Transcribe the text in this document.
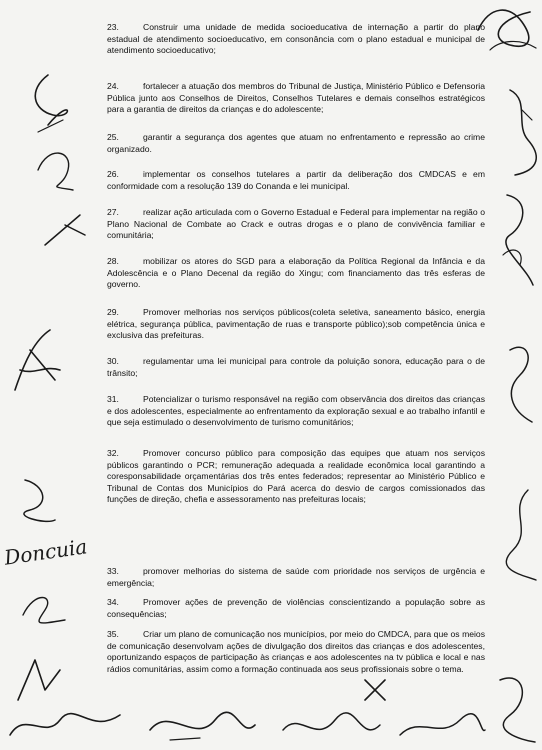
23.	Construir uma unidade de medida socioeducativa de internação a partir do plano estadual de atendimento socioeducativo, em consonância com o plano estadual e municipal de atendimento socioeducativo;
24.	fortalecer a atuação dos membros do Tribunal de Justiça, Ministério Público e Defensoria Pública junto aos Conselhos de Direitos, Conselhos Tutelares e demais conselhos estratégicos para a garantia de direitos da crianças e do adolescente;
25.	garantir a segurança dos agentes que atuam no enfrentamento e repressão ao crime organizado.
26.	implementar os conselhos tutelares a partir da deliberação dos CMDCAS e em conformidade com a resolução 139 do Conanda e lei municipal.
27.	realizar ação articulada com o Governo Estadual e Federal para implementar na região o Plano Nacional de Combate ao Crack e outras drogas e o plano de convivência familiar e comunitária;
28.	mobilizar os atores do SGD para a elaboração da Política Regional da Infância e da Adolescência e o Plano Decenal da região do Xingu; com financiamento das três esferas de governo.
29.	Promover melhorias nos serviços públicos(coleta seletiva, saneamento básico, energia elétrica, segurança pública, pavimentação de ruas e transporte público);sob competência única e exclusiva das prefeituras.
30.	regulamentar uma lei municipal para controle da poluição sonora, educação para o de trânsito;
31.	Potencializar o turismo responsável na região com observância dos direitos das crianças e dos adolescentes, especialmente ao enfrentamento da exploração sexual e ao trabalho infantil e que seja estimulado o desenvolvimento de turismo comunitários;
32.	Promover concurso público para composição das equipes que atuam nos serviços públicos garantindo o PCR; remuneração adequada a realidade econômica local garantindo a coresponsabilidade orçamentárias dos três entes federados; representar ao Ministério Público e Tribunal de Contas dos Municípios do Pará acerca do desvio de cargos comissionados das funções de direção, chefia e assessoramento nas prefeituras locais;
33.	promover melhorias do sistema de saúde com prioridade nos serviços de urgência e emergência;
34.	Promover ações de prevenção de violências conscientizando a população sobre as consequências;
35.	Criar um plano de comunicação nos municípios, por meio do CMDCA, para que os meios de comunicação desenvolvam ações de divulgação dos direitos das crianças e dos adolescentes, oportunizando espaços de participação às crianças e aos adolescentes na tv pública e local e nas rádios comunitárias, assim como a formação continuada aos seus profissionais sobre o tema.
Doncuia
